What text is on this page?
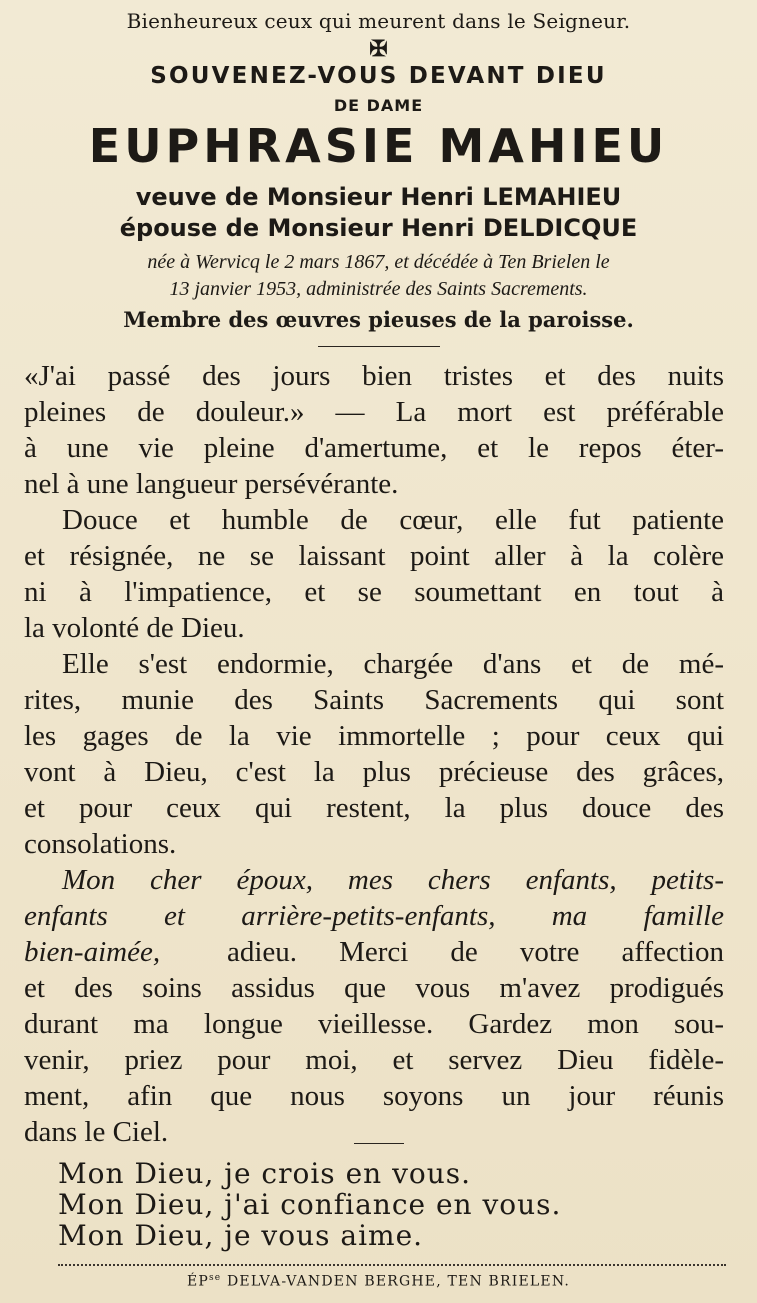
Bienheureux ceux qui meurent dans le Seigneur.

✠

SOUVENEZ-VOUS DEVANT DIEU

DE DAME

EUPHRASIE MAHIEU

veuve de Monsieur Henri LEMAHIEU

épouse de Monsieur Henri DELDICQUE

née à Wervicq le 2 mars 1867, et décédée à Ten Brielen le

13 janvier 1953, administrée des Saints Sacrements.

Membre des œuvres pieuses de la paroisse.

«J'ai passé des jours bien tristes et des nuits

pleines de douleur.» — La mort est préférable

à une vie pleine d'amertume, et le repos éter-

nel à une langueur persévérante.

Douce et humble de cœur, elle fut patiente

et résignée, ne se laissant point aller à la colère

ni à l'impatience, et se soumettant en tout à

la volonté de Dieu.

Elle s'est endormie, chargée d'ans et de mé-

rites, munie des Saints Sacrements qui sont

les gages de la vie immortelle ; pour ceux qui

vont à Dieu, c'est la plus précieuse des grâces,

et pour ceux qui restent, la plus douce des

consolations.

Mon cher époux, mes chers enfants, petits-

enfants et arrière-petits-enfants, ma famille

bien-aimée, adieu. Merci de votre affection

et des soins assidus que vous m'avez prodigués

durant ma longue vieillesse. Gardez mon sou-

venir, priez pour moi, et servez Dieu fidèle-

ment, afin que nous soyons un jour réunis

dans le Ciel.

Mon Dieu, je crois en vous.

Mon Dieu, j'ai confiance en vous.

Mon Dieu, je vous aime.

$ÉP^{se}$ DELVA-VANDEN BERGHE, TEN BRIELEN.
